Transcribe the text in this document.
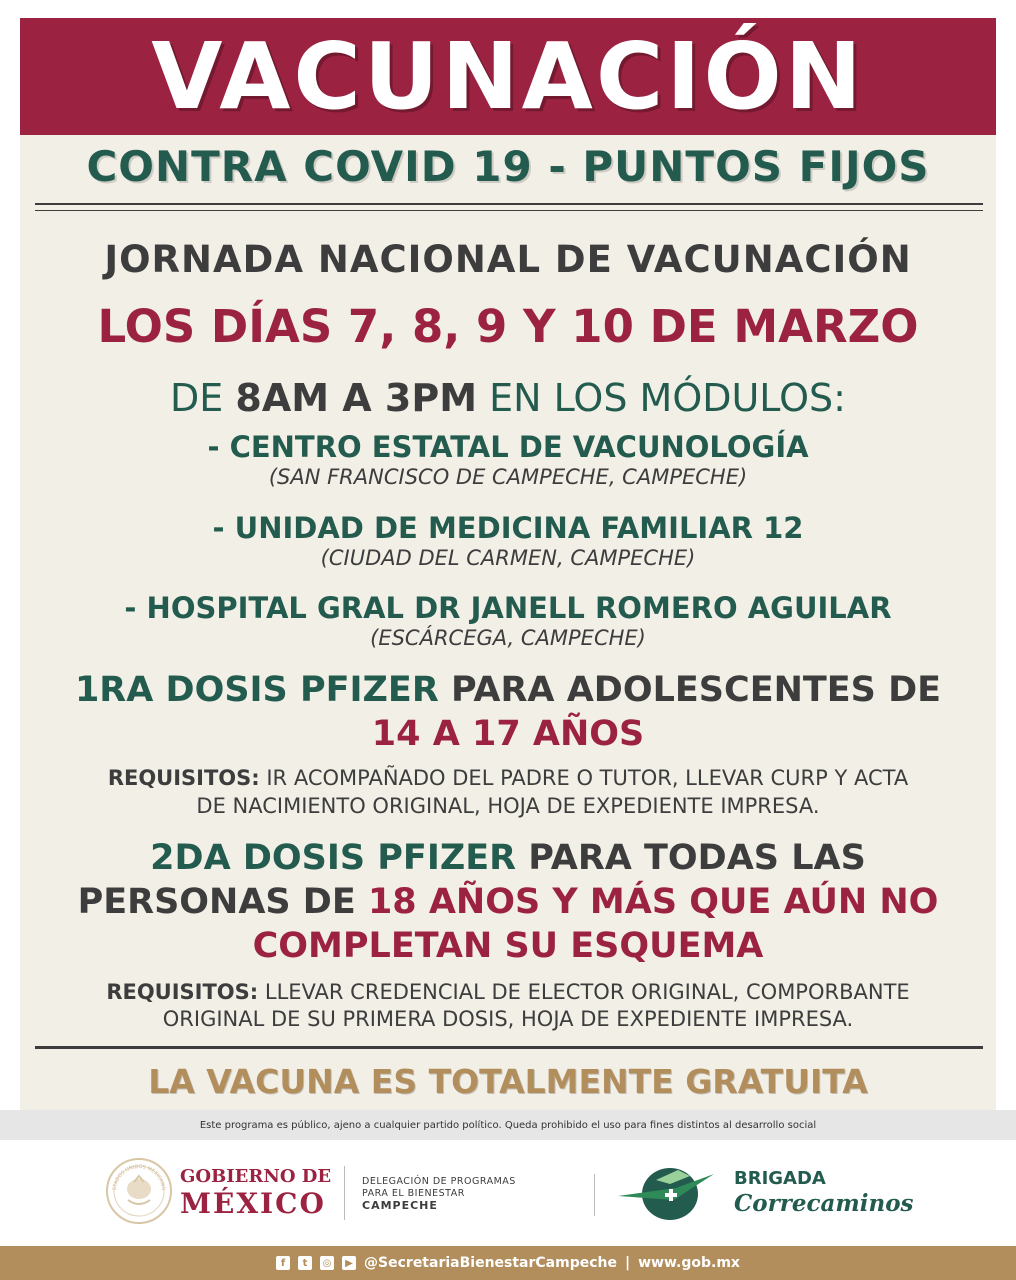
VACUNACIÓN
CONTRA COVID 19 - PUNTOS FIJOS
JORNADA NACIONAL DE VACUNACIÓN
LOS DÍAS 7, 8, 9 Y 10 DE MARZO
DE 8AM A 3PM EN LOS MÓDULOS:
- CENTRO ESTATAL DE VACUNOLOGÍA
(SAN FRANCISCO DE CAMPECHE, CAMPECHE)
- UNIDAD DE MEDICINA FAMILIAR 12
(CIUDAD DEL CARMEN, CAMPECHE)
- HOSPITAL GRAL DR JANELL ROMERO AGUILAR
(ESCÁRCEGA, CAMPECHE)
1RA DOSIS PFIZER PARA ADOLESCENTES DE
14 A 17 AÑOS
REQUISITOS: IR ACOMPAÑADO DEL PADRE O TUTOR, LLEVAR CURP Y ACTA
DE NACIMIENTO ORIGINAL, HOJA DE EXPEDIENTE IMPRESA.
2DA DOSIS PFIZER PARA TODAS LAS
PERSONAS DE 18 AÑOS Y MÁS QUE AÚN NO
COMPLETAN SU ESQUEMA
REQUISITOS: LLEVAR CREDENCIAL DE ELECTOR ORIGINAL, COMPORBANTE
ORIGINAL DE SU PRIMERA DOSIS, HOJA DE EXPEDIENTE IMPRESA.
LA VACUNA ES TOTALMENTE GRATUITA
Este programa es público, ajeno a cualquier partido político. Queda prohibido el uso para fines distintos al desarrollo social
STADOS UNIDOS MEXICANO
GOBIERNO DE
MÉXICO
DELEGACIÓN DE PROGRAMAS
PARA EL BIENESTAR
CAMPECHE
BRIGADA
Correcaminos
f	t	◎	▶ @SecretariaBienestarCampeche | www.gob.mx
